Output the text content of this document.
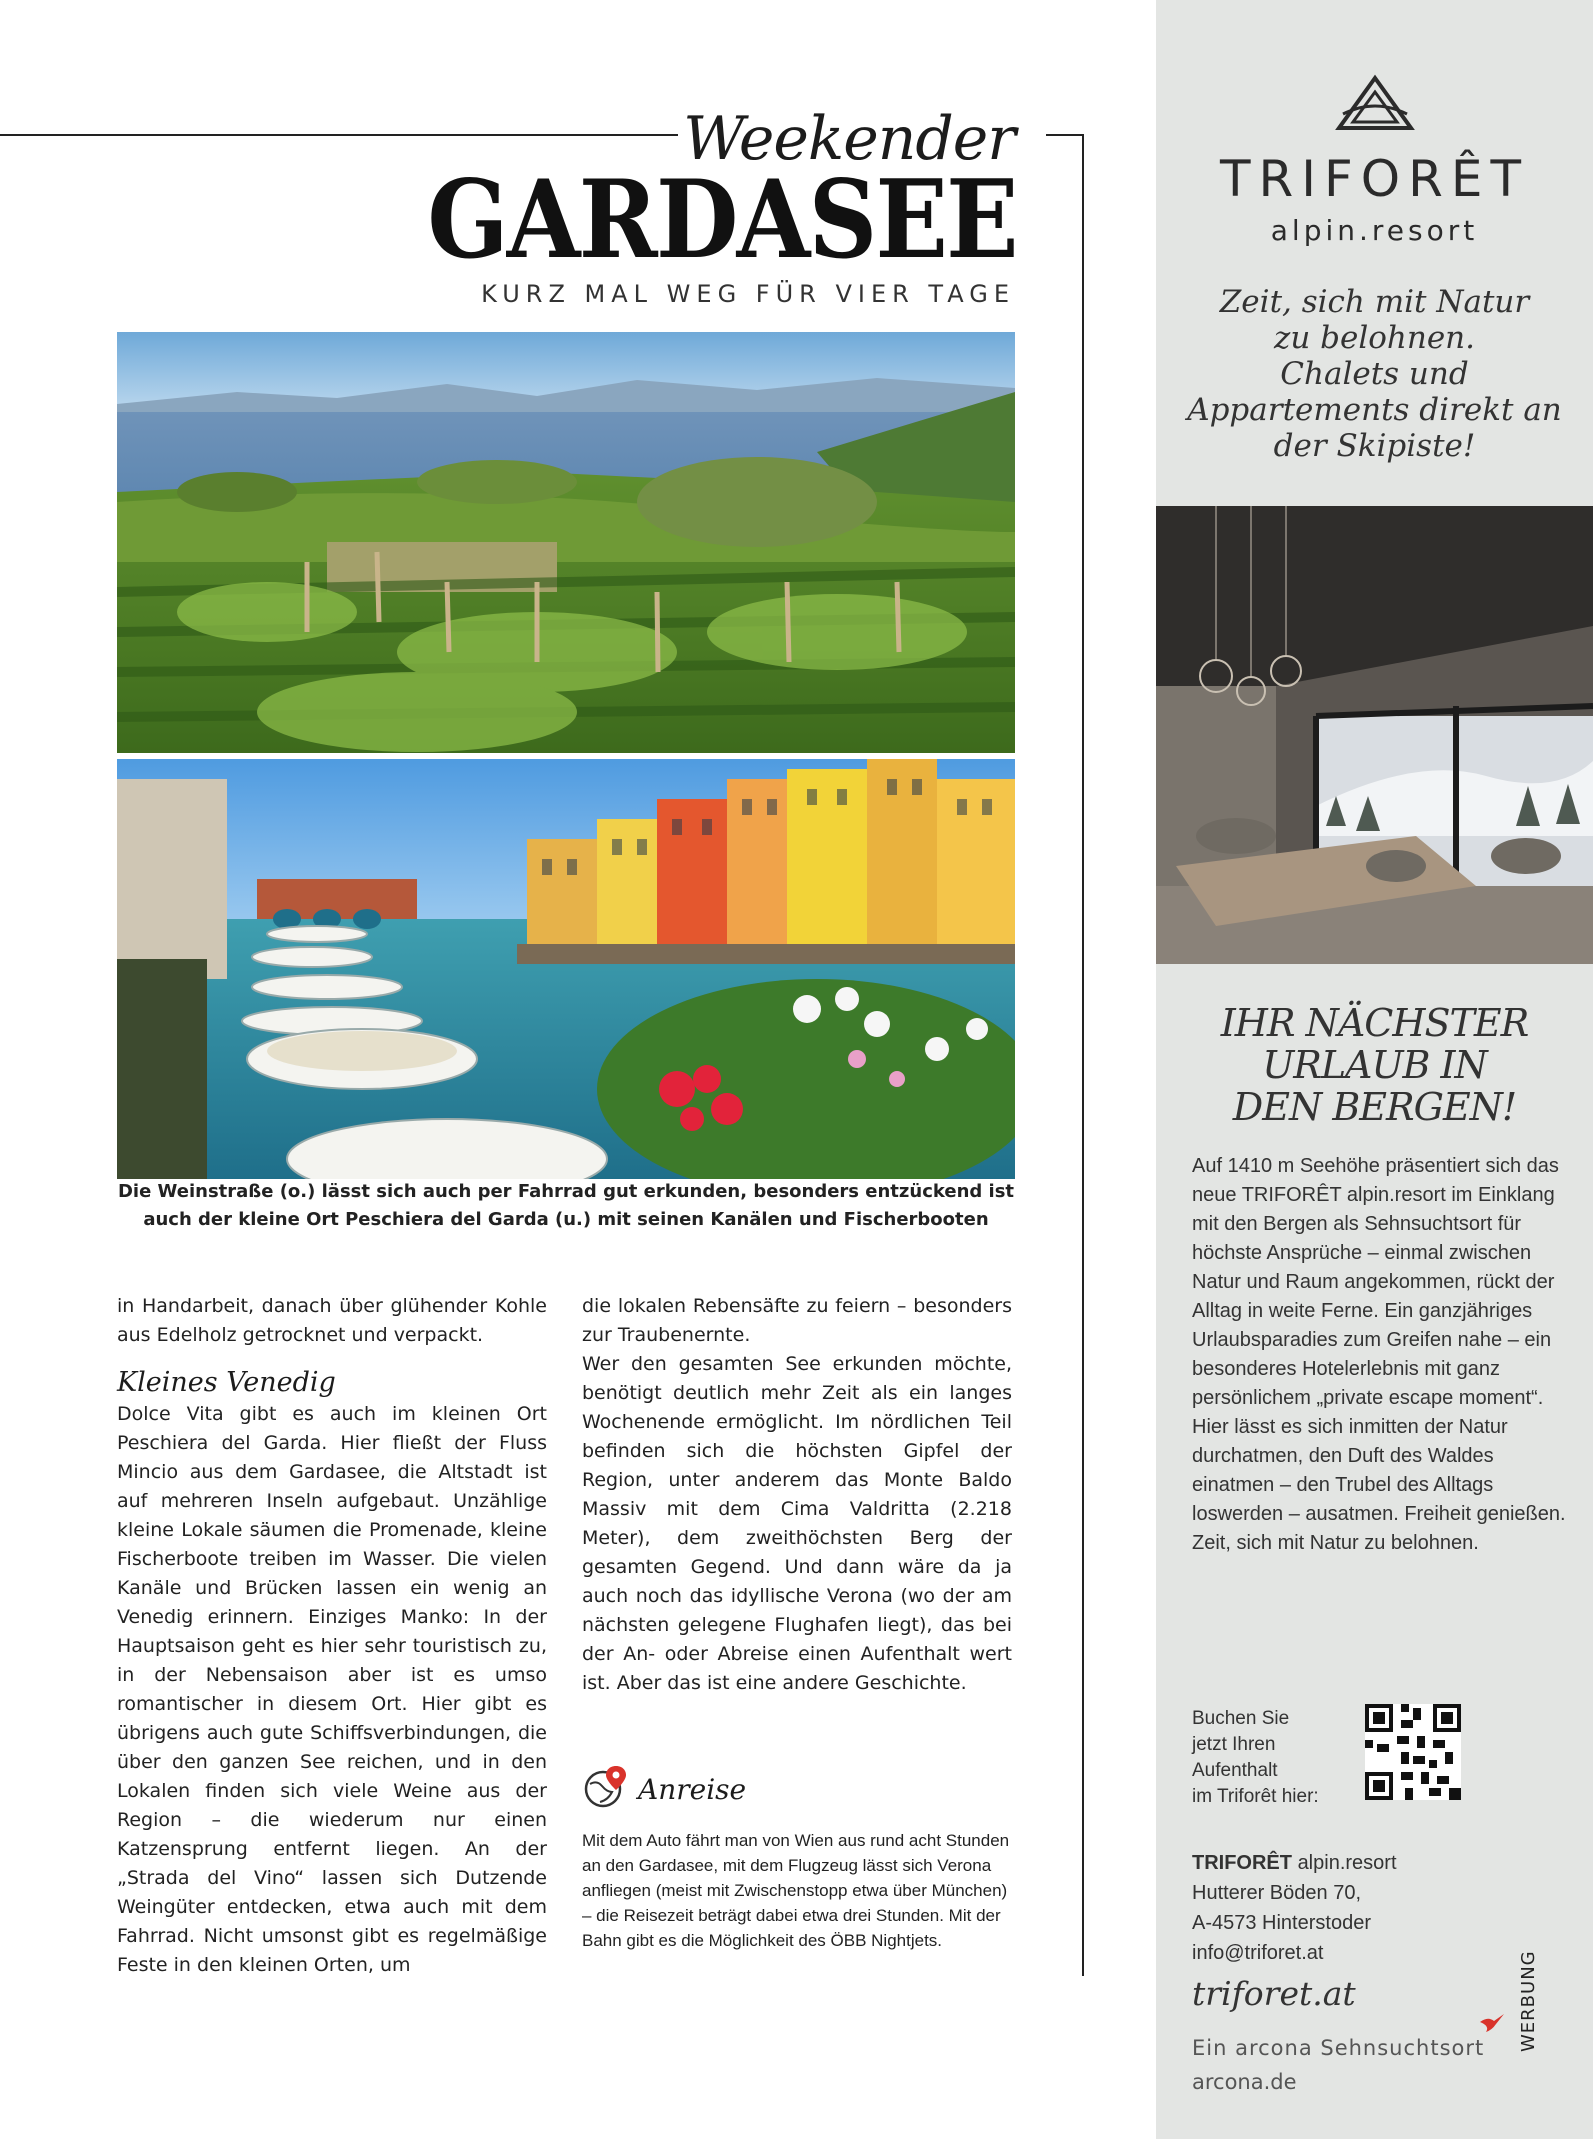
Weekender
GARDASEE
KURZ MAL WEG FÜR VIER TAGE
Die Weinstraße (o.) lässt sich auch per Fahrrad gut erkunden, besonders entzückend ist
auch der kleine Ort Peschiera del Garda (u.) mit seinen Kanälen und Fischerbooten

in Handarbeit, danach über glühender Kohle aus Edelholz getrocknet und verpackt.

Kleines Venedig

Dolce Vita gibt es auch im kleinen Ort Peschiera del Garda. Hier fließt der Fluss Mincio aus dem Gardasee, die Altstadt ist auf mehreren Inseln aufgebaut. Unzählige kleine Lokale säumen die Promenade, kleine Fischerboote treiben im Wasser. Die vielen Kanäle und Brücken lassen ein wenig an Venedig erinnern. Einziges Manko: In der Hauptsaison geht es hier sehr touristisch zu, in der Nebensaison aber ist es umso romantischer in diesem Ort. Hier gibt es übrigens auch gute Schiffsverbindungen, die über den ganzen See reichen, und in den Lokalen finden sich viele Weine aus der Region – die wiederum nur einen Katzensprung entfernt liegen. An der „Strada del Vino“ lassen sich Dutzende Weingüter entdecken, etwa auch mit dem Fahrrad. Nicht umsonst gibt es regelmäßige Feste in den kleinen Orten, um

die lokalen Rebensäfte zu feiern – besonders zur Traubenernte.

Wer den gesamten See erkunden möchte, benötigt deutlich mehr Zeit als ein langes Wochenende ermöglicht. Im nördlichen Teil befinden sich die höchsten Gipfel der Region, unter anderem das Monte Baldo Massiv mit dem Cima Valdritta (2.218 Meter), dem zweithöchsten Berg der gesamten Gegend. Und dann wäre da ja auch noch das idyllische Verona (wo der am nächsten gelegene Flughafen liegt), das bei der An- oder Abreise einen Aufenthalt wert ist. Aber das ist eine andere Geschichte.

Anreise
Mit dem Auto fährt man von Wien aus rund acht Stunden an den Gardasee, mit dem Flugzeug lässt sich Verona anfliegen (meist mit Zwischenstopp etwa über München) – die Reisezeit beträgt dabei etwa drei Stunden. Mit der Bahn gibt es die Möglichkeit des ÖBB Nightjets.
TRIFORÊT
alpin.resort
Zeit, sich mit Natur
zu belohnen.
Chalets und
Appartements direkt an
der Skipiste!
IHR NÄCHSTER
URLAUB IN
DEN BERGEN!
Auf 1410 m Seehöhe präsentiert sich das neue TRIFORÊT alpin.resort im Einklang mit den Bergen als Sehnsuchtsort für höchste Ansprüche – einmal zwischen Natur und Raum angekommen, rückt der Alltag in weite Ferne. Ein ganzjähriges Urlaubsparadies zum Greifen nahe – ein besonderes Hotelerlebnis mit ganz persönlichem „private escape moment“. Hier lässt es sich inmitten der Natur durchatmen, den Duft des Waldes einatmen – den Trubel des Alltags loswerden – ausatmen. Freiheit genießen. Zeit, sich mit Natur zu belohnen.
Buchen Sie
jetzt Ihren
Aufenthalt
im Triforêt hier:
TRIFORÊT alpin.resort
Hutterer Böden 70,
A-4573 Hinterstoder
info@triforet.at
triforet.at
Ein arcona Sehnsuchtsort
arcona.de
WERBUNG
